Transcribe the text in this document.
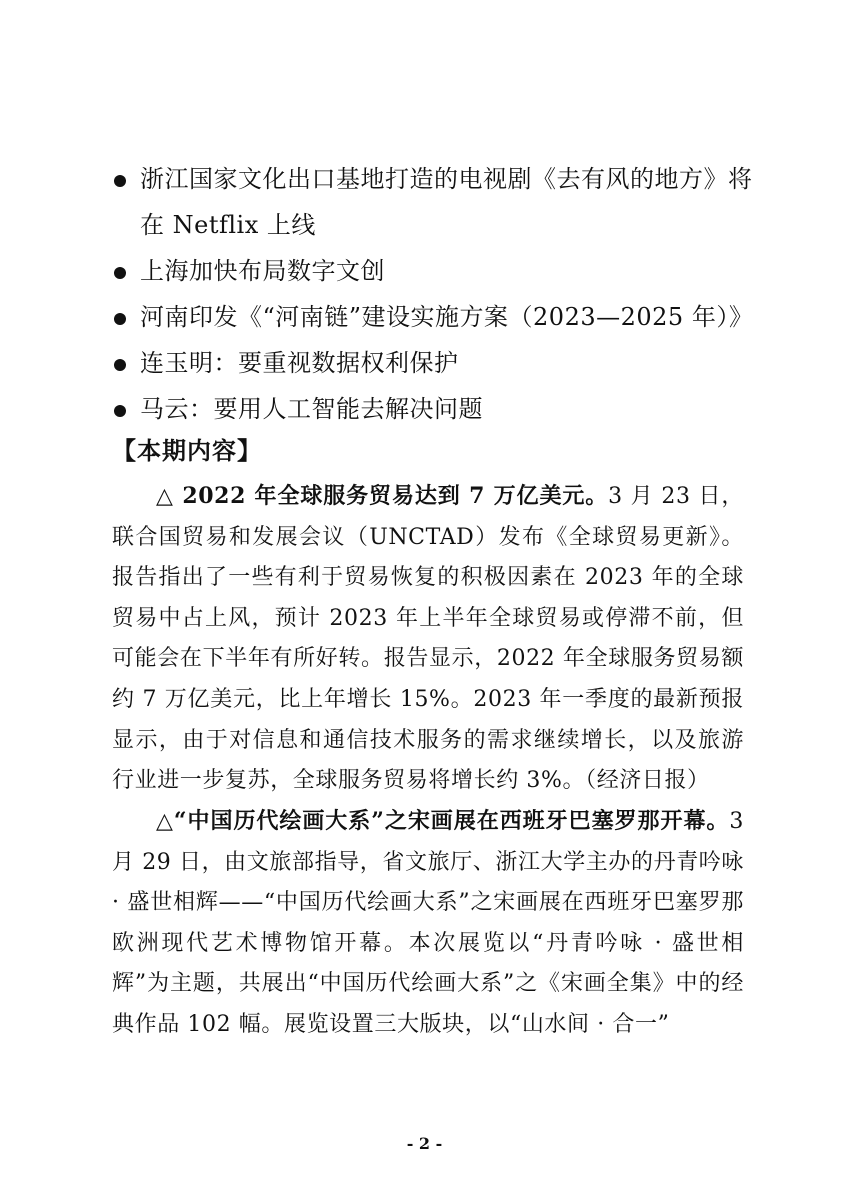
浙江国家文化出口基地打造的电视剧《去有风的地方》将在 Netflix 上线
上海加快布局数字文创
河南印发《“河南链”建设实施方案（2023—2025 年）》
连玉明：要重视数据权利保护
马云：要用人工智能去解决问题
【本期内容】

△ 2022 年全球服务贸易达到 7 万亿美元。3 月 23 日，联合国贸易和发展会议（UNCTAD）发布《全球贸易更新》。报告指出了一些有利于贸易恢复的积极因素在 2023 年的全球贸易中占上风，预计 2023 年上半年全球贸易或停滞不前，但可能会在下半年有所好转。报告显示，2022 年全球服务贸易额约 7 万亿美元，比上年增长 15%。2023 年一季度的最新预报显示，由于对信息和通信技术服务的需求继续增长，以及旅游行业进一步复苏，全球服务贸易将增长约 3%。（经济日报）

△“中国历代绘画大系”之宋画展在西班牙巴塞罗那开幕。3 月 29 日，由文旅部指导，省文旅厅、浙江大学主办的丹青吟咏 · 盛世相辉——“中国历代绘画大系”之宋画展在西班牙巴塞罗那欧洲现代艺术博物馆开幕。本次展览以“丹青吟咏 · 盛世相辉”为主题，共展出“中国历代绘画大系”之《宋画全集》中的经典作品 102 幅。展览设置三大版块，以“山水间 · 合一”

- 2 -
